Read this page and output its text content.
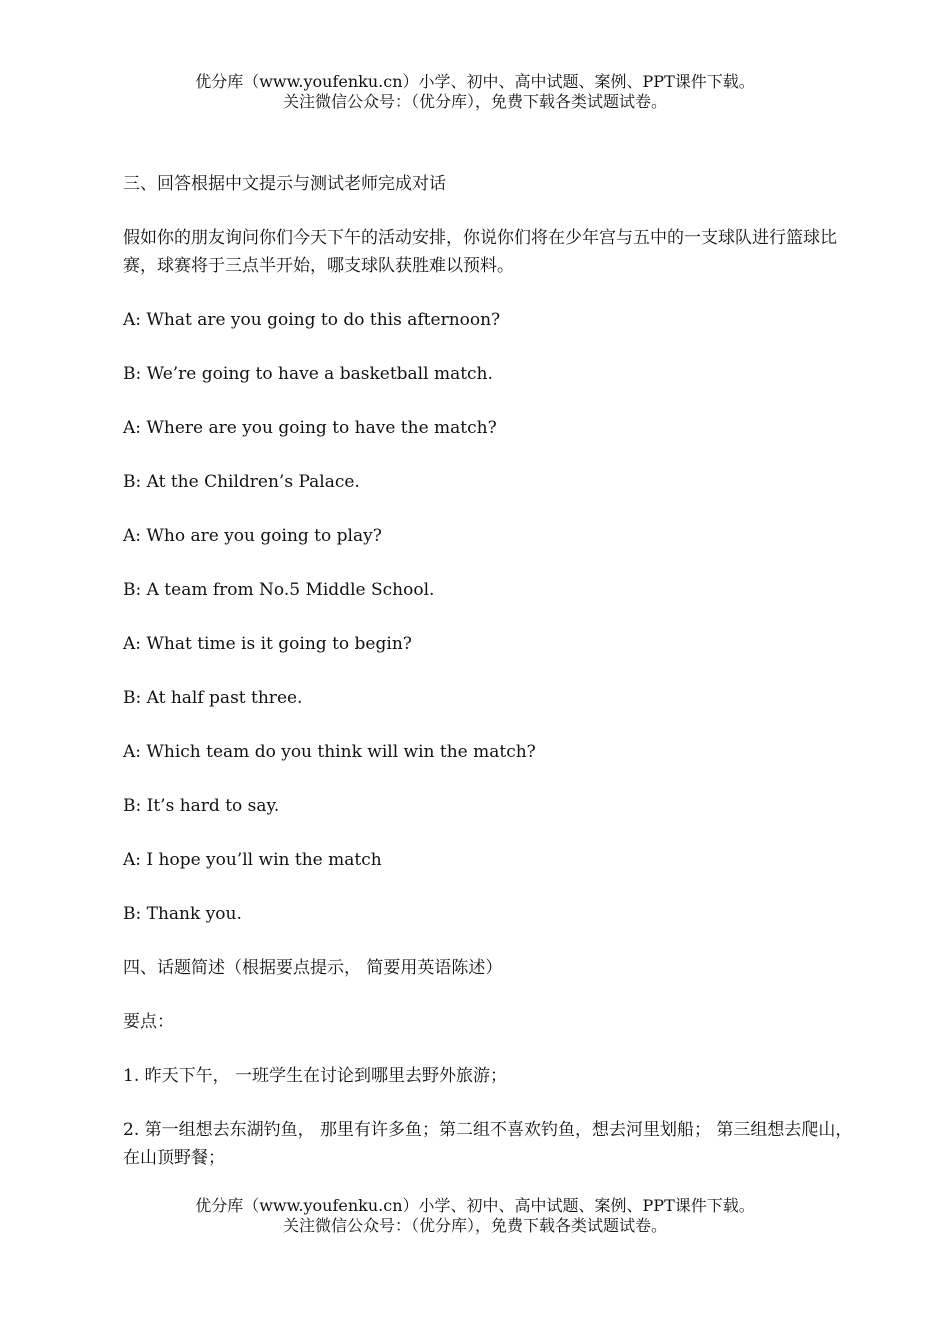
优分库（www.youfenku.cn）小学、初中、高中试题、案例、PPT课件下载。
关注微信公众号：（优分库），免费下载各类试题试卷。

三、回答根据中文提示与测试老师完成对话

假如你的朋友询问你们今天下午的活动安排，你说你们将在少年宫与五中的一支球队进行篮球比赛，球赛将于三点半开始，哪支球队获胜难以预料。

A: What are you going to do this afternoon?

B: We’re going to have a basketball match.

A: Where are you going to have the match?

B: At the Children’s Palace.

A: Who are you going to play?

B: A team from No.5 Middle School.

A: What time is it going to begin?

B: At half past three.

A: Which team do you think will win the match?

B: It’s hard to say.

A: I hope you’ll win the match

B: Thank you.

四、话题简述（根据要点提示， 简要用英语陈述）

要点：

1. 昨天下午， 一班学生在讨论到哪里去野外旅游；

2. 第一组想去东湖钓鱼， 那里有许多鱼；第二组不喜欢钓鱼，想去河里划船； 第三组想去爬山， 在山顶野餐；

优分库（www.youfenku.cn）小学、初中、高中试题、案例、PPT课件下载。
关注微信公众号：（优分库），免费下载各类试题试卷。
